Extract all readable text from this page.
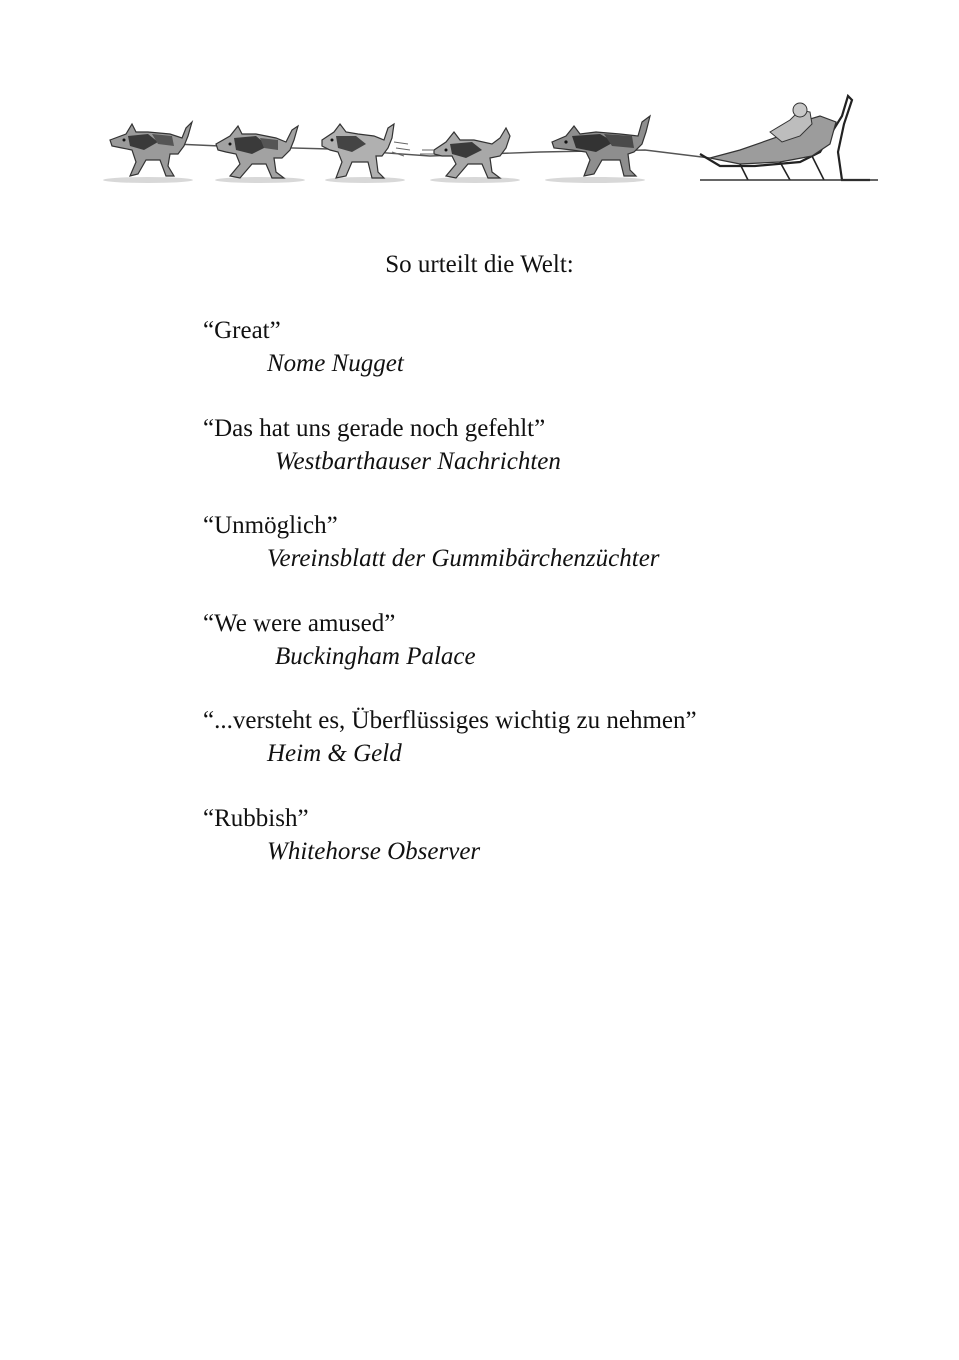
So urteilt die Welt:
“Great”
Nome Nugget
“Das hat uns gerade noch gefehlt”
Westbarthauser Nachrichten
“Unmöglich”
Vereinsblatt der Gummibärchenzüchter
“We were amused”
Buckingham Palace
“...versteht es, Überflüssiges wichtig zu nehmen”
Heim & Geld
“Rubbish”
Whitehorse Observer
